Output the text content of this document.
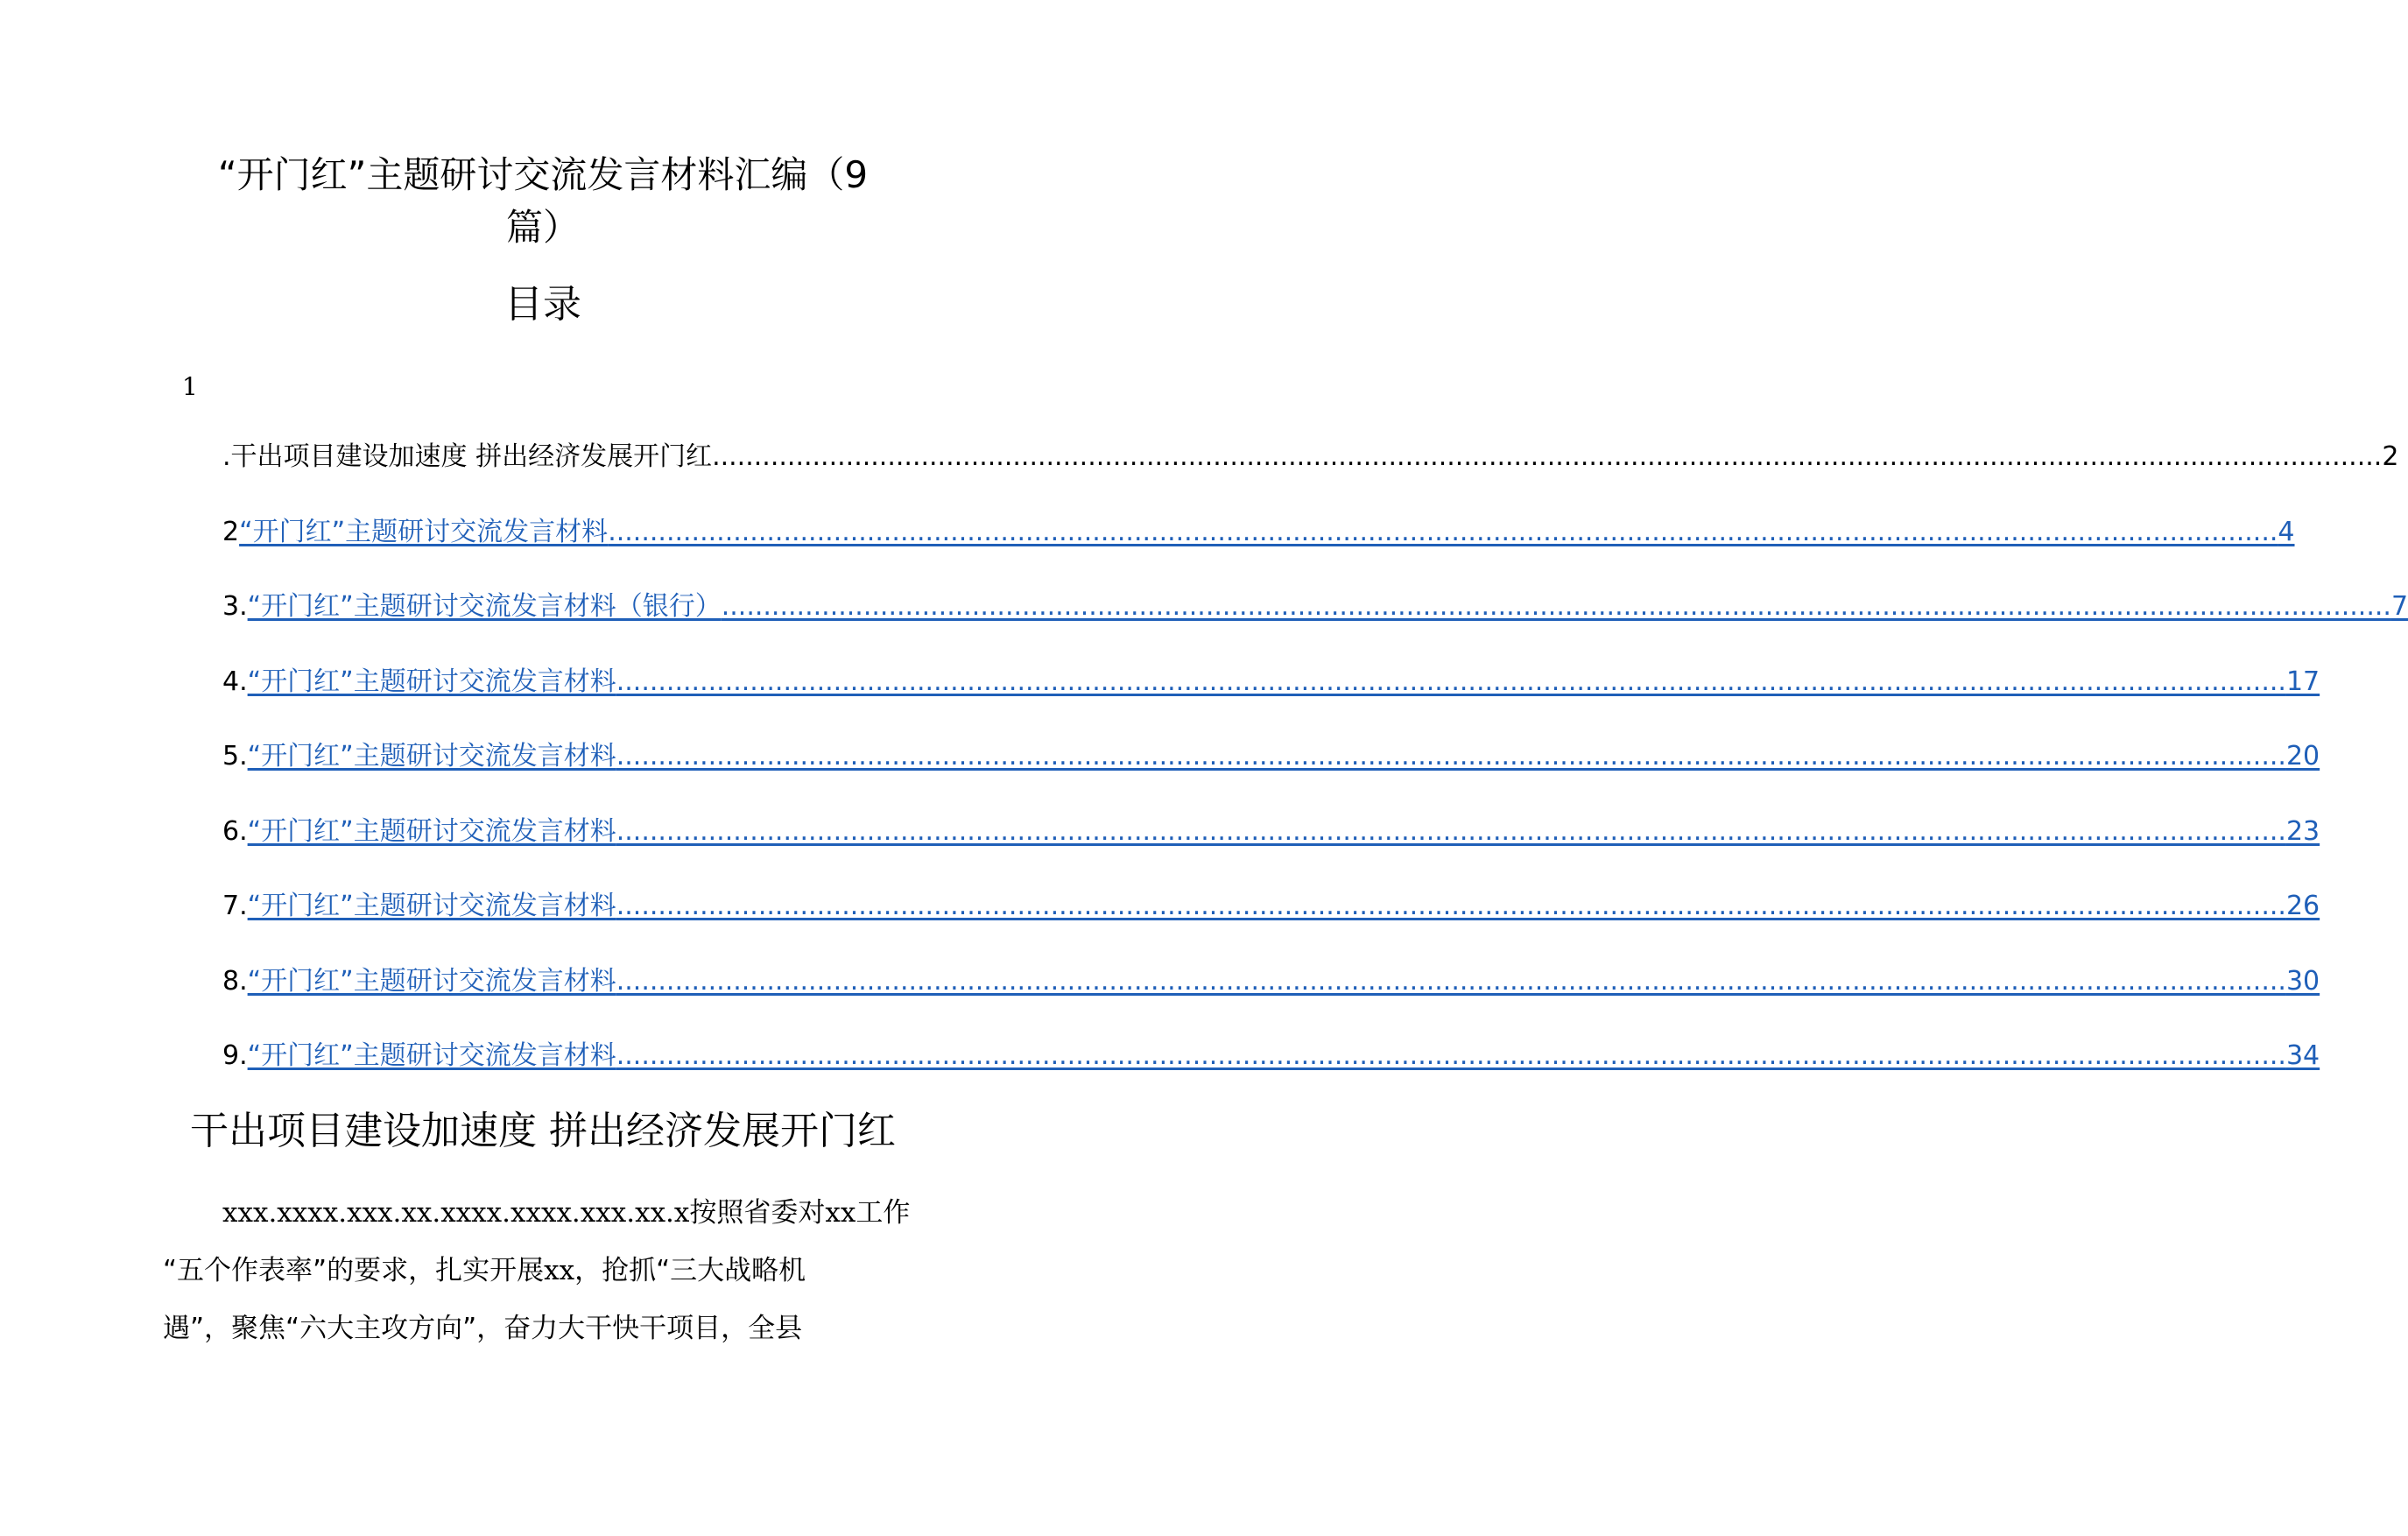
“开门红”主题研讨交流发言材料汇编（9
篇）
目录
1
.干出项目建设加速度 拼出经济发展开门红 ........................................................................................................................................................................................................ 2
2 “开门红”主题研讨交流发言材料 ........................................................................................................................................................................................................ 4
3. “开门红”主题研讨交流发言材料（银行） ........................................................................................................................................................................................................ 7
4. “开门红”主题研讨交流发言材料 ........................................................................................................................................................................................................ 17
5. “开门红”主题研讨交流发言材料 ........................................................................................................................................................................................................ 20
6. “开门红”主题研讨交流发言材料 ........................................................................................................................................................................................................ 23
7. “开门红”主题研讨交流发言材料 ........................................................................................................................................................................................................ 26
8. “开门红”主题研讨交流发言材料 ........................................................................................................................................................................................................ 30
9. “开门红”主题研讨交流发言材料 ........................................................................................................................................................................................................ 34
干出项目建设加速度 拼出经济发展开门红
xxx.xxxx.xxx.xx.xxxx.xxxx.xxx.xx.x按照省委对xx工作
“五个作表率”的要求，扎实开展xx，抢抓“三大战略机
遇”，聚焦“六大主攻方向”，奋力大干快干项目，全县
